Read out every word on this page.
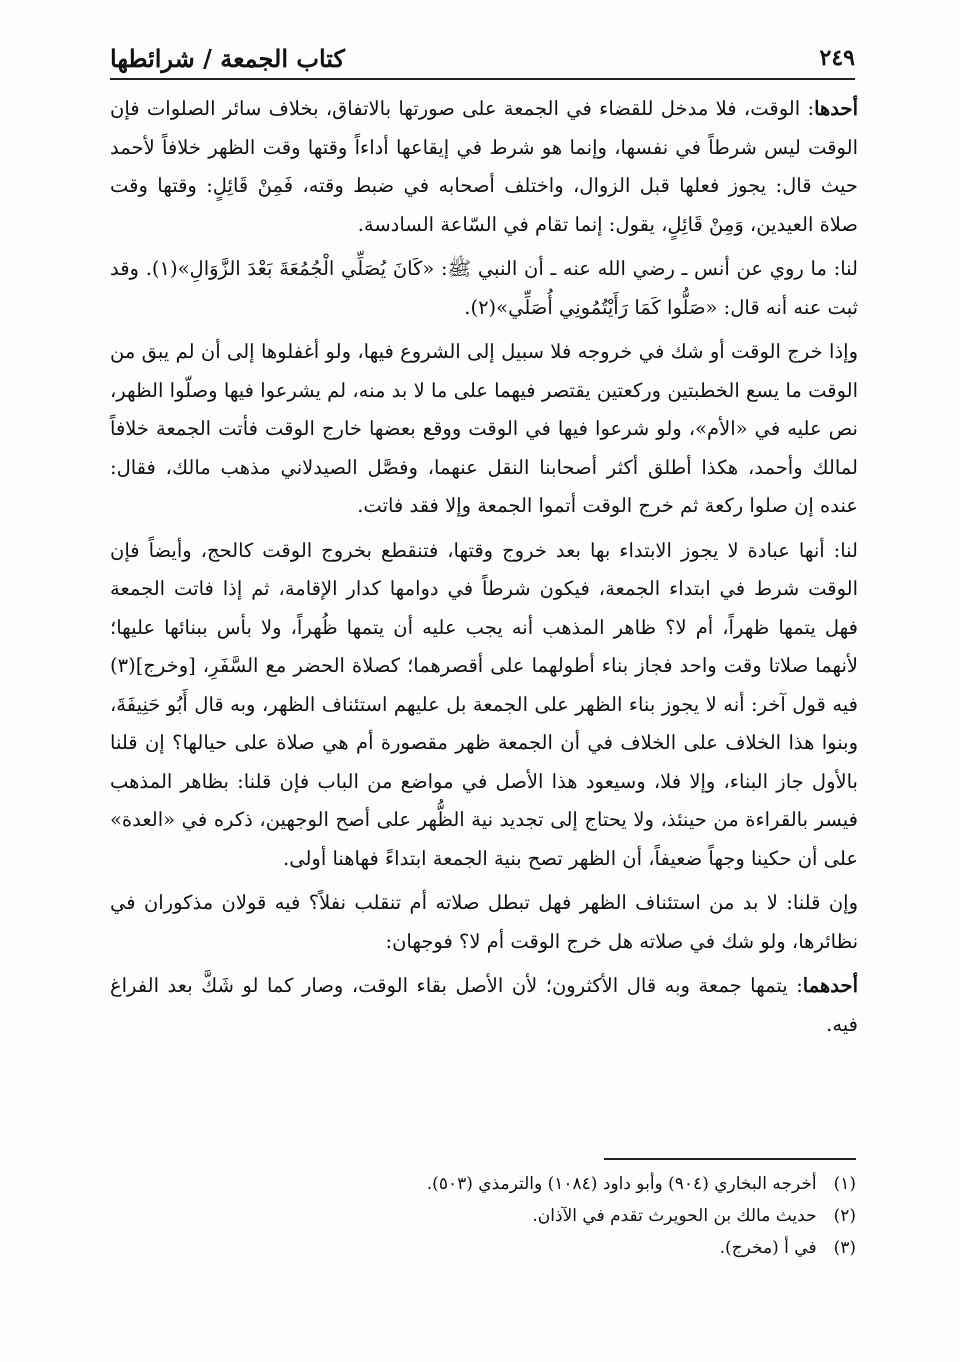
كتاب الجمعة / شرائطها	٢٤٩

أحدها: الوقت، فلا مدخل للقضاء في الجمعة على صورتها بالاتفاق، بخلاف سائر الصلوات فإن الوقت ليس شرطاً في نفسها، وإنما هو شرط في إيقاعها أداءاً وقتها وقت الظهر خلافاً لأحمد حيث قال: يجوز فعلها قبل الزوال، واختلف أصحابه في ضبط وقته، فَمِنْ قَائِلٍ: وقتها وقت صلاة العيدين، وَمِنْ قَائِلٍ، يقول: إنما تقام في السّاعة السادسة.

لنا: ما روي عن أنس ـ رضي الله عنه ـ أن النبي ﷺ: «كَانَ يُصَلِّي الْجُمُعَةَ بَعْدَ الزَّوَالِ»(١). وقد ثبت عنه أنه قال: «صَلُّوا كَمَا رَأَيْتُمُونِي أُصَلِّي»(٢).

وإذا خرج الوقت أو شك في خروجه فلا سبيل إلى الشروع فيها، ولو أغفلوها إلى أن لم يبق من الوقت ما يسع الخطبتين وركعتين يقتصر فيهما على ما لا بد منه، لم يشرعوا فيها وصلّوا الظهر، نص عليه في «الأم»، ولو شرعوا فيها في الوقت ووقع بعضها خارج الوقت فأتت الجمعة خلافاً لمالك وأحمد، هكذا أطلق أكثر أصحابنا النقل عنهما، وفصَّل الصيدلاني مذهب مالك، فقال: عنده إن صلوا ركعة ثم خرج الوقت أتموا الجمعة وإلا فقد فاتت.

لنا: أنها عبادة لا يجوز الابتداء بها بعد خروج وقتها، فتنقطع بخروج الوقت كالحج، وأيضاً فإن الوقت شرط في ابتداء الجمعة، فيكون شرطاً في دوامها كدار الإقامة، ثم إذا فاتت الجمعة فهل يتمها ظهراً، أم لا؟ ظاهر المذهب أنه يجب عليه أن يتمها ظُهراً، ولا بأس ببنائها عليها؛ لأنهما صلاتا وقت واحد فجاز بناء أطولهما على أقصرهما؛ كصلاة الحضر مع السَّفَرِ، [وخرج](٣) فيه قول آخر: أنه لا يجوز بناء الظهر على الجمعة بل عليهم استئناف الظهر، وبه قال أَبُو حَنِيفَةَ، وبنوا هذا الخلاف على الخلاف في أن الجمعة ظهر مقصورة أم هي صلاة على حيالها؟ إن قلنا بالأول جاز البناء، وإلا فلا، وسيعود هذا الأصل في مواضع من الباب فإن قلنا: بظاهر المذهب فيسر بالقراءة من حينئذ، ولا يحتاج إلى تجديد نية الظُّهر على أصح الوجهين، ذكره في «العدة» على أن حكينا وجهاً ضعيفاً، أن الظهر تصح بنية الجمعة ابتداءً فهاهنا أولى.

وإن قلنا: لا بد من استئناف الظهر فهل تبطل صلاته أم تنقلب نفلاً؟ فيه قولان مذكوران في نظائرها، ولو شك في صلاته هل خرج الوقت أم لا؟ فوجهان:

أحدهما: يتمها جمعة وبه قال الأكثرون؛ لأن الأصل بقاء الوقت، وصار كما لو شَكَّ بعد الفراغ فيه.

(١) أخرجه البخاري (٩٠٤) وأبو داود (١٠٨٤) والترمذي (٥٠٣).
(٢) حديث مالك بن الحويرث تقدم في الآذان.
(٣) في أ (مخرج).
